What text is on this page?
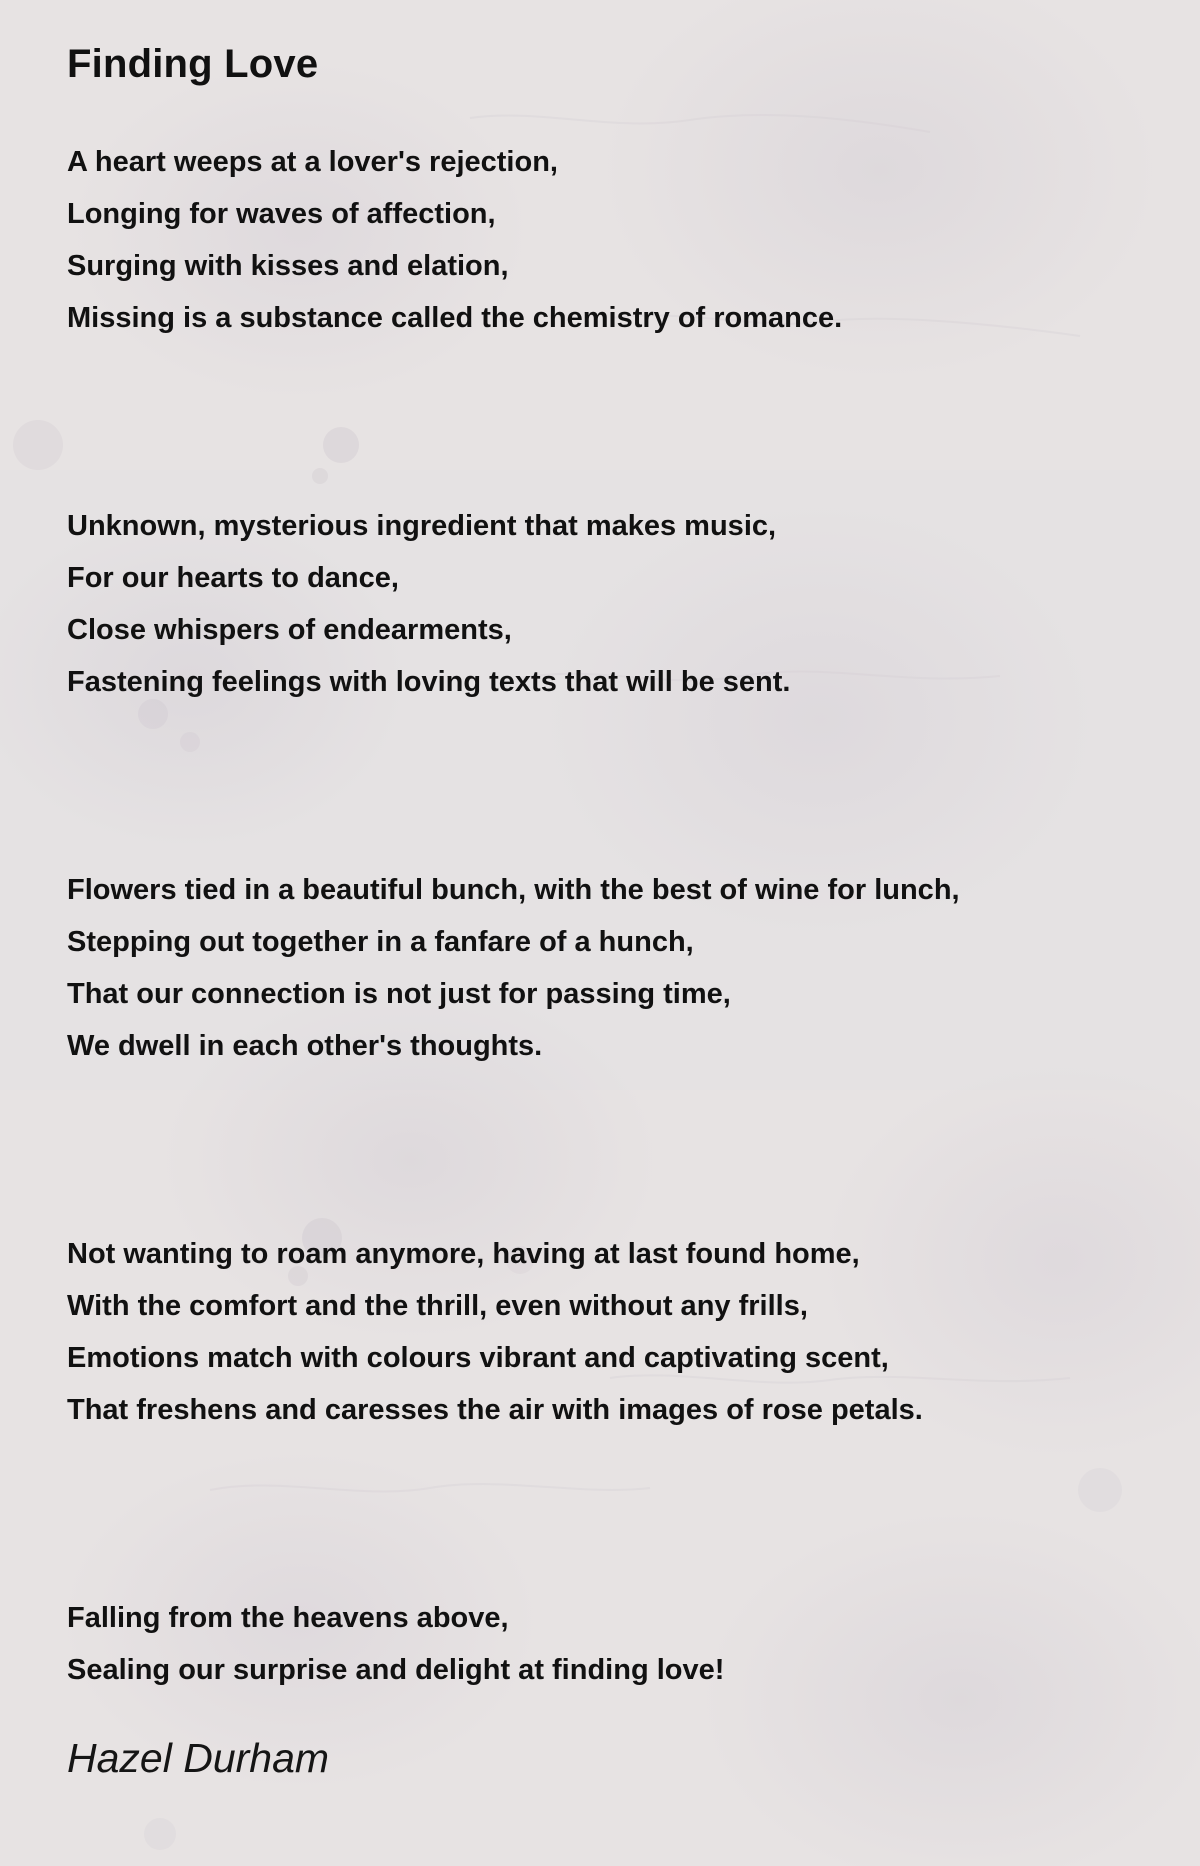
Finding Love
A heart weeps at a lover's rejection,
Longing for waves of affection,
Surging with kisses and elation,
Missing is a substance called the chemistry of romance.
Unknown, mysterious ingredient that makes music,
For our hearts to dance,
Close whispers of endearments,
Fastening feelings with loving texts that will be sent.
Flowers tied in a beautiful bunch, with the best of wine for lunch,
Stepping out together in a fanfare of a hunch,
That our connection is not just for passing time,
We dwell in each other's thoughts.
Not wanting to roam anymore, having at last found home,
With the comfort and the thrill, even without any frills,
Emotions match with colours vibrant and captivating scent,
That freshens and caresses the air with images of rose petals.
Falling from the heavens above,
Sealing our surprise and delight at finding love!
Hazel Durham
